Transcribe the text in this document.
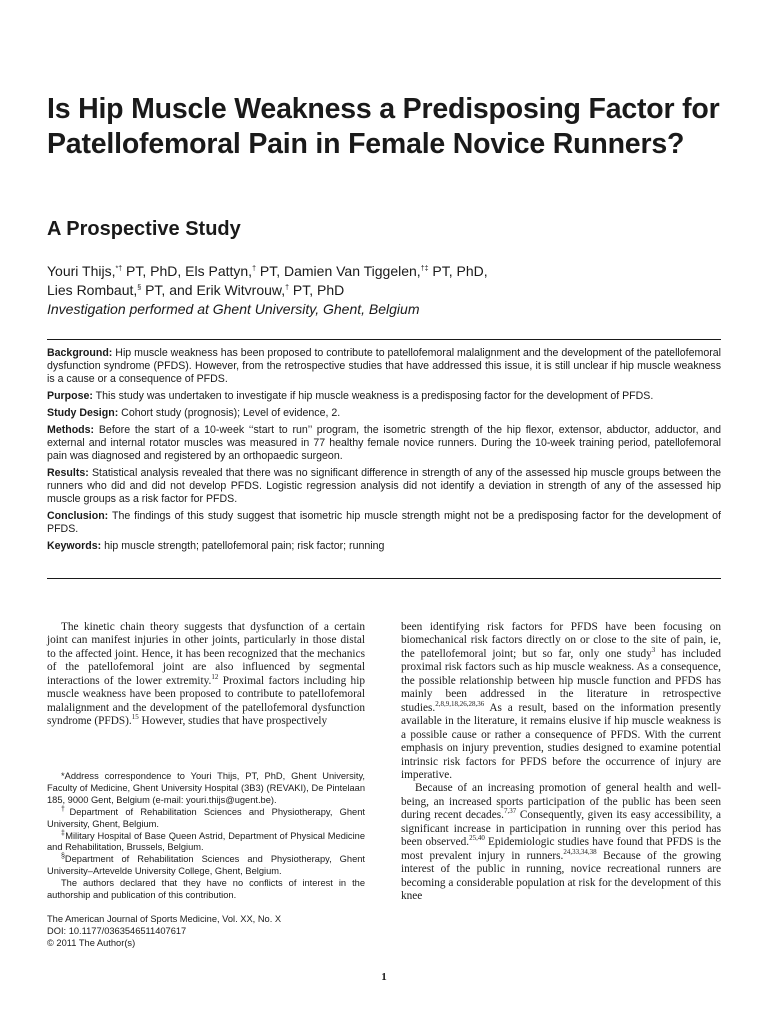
Is Hip Muscle Weakness a Predisposing Factor for Patellofemoral Pain in Female Novice Runners?
A Prospective Study
Youri Thijs,*† PT, PhD, Els Pattyn,† PT, Damien Van Tiggelen,†‡ PT, PhD,
Lies Rombaut,§ PT, and Erik Witvrouw,† PT, PhD
Investigation performed at Ghent University, Ghent, Belgium

Background: Hip muscle weakness has been proposed to contribute to patellofemoral malalignment and the development of the patellofemoral dysfunction syndrome (PFDS). However, from the retrospective studies that have addressed this issue, it is still unclear if hip muscle weakness is a cause or a consequence of PFDS.

Purpose: This study was undertaken to investigate if hip muscle weakness is a predisposing factor for the development of PFDS.

Study Design: Cohort study (prognosis); Level of evidence, 2.

Methods: Before the start of a 10-week ‘‘start to run’’ program, the isometric strength of the hip flexor, extensor, abductor, adductor, and external and internal rotator muscles was measured in 77 healthy female novice runners. During the 10-week training period, patellofemoral pain was diagnosed and registered by an orthopaedic surgeon.

Results: Statistical analysis revealed that there was no significant difference in strength of any of the assessed hip muscle groups between the runners who did and did not develop PFDS. Logistic regression analysis did not identify a deviation in strength of any of the assessed hip muscle groups as a risk factor for PFDS.

Conclusion: The findings of this study suggest that isometric hip muscle strength might not be a predisposing factor for the development of PFDS.

Keywords: hip muscle strength; patellofemoral pain; risk factor; running

The kinetic chain theory suggests that dysfunction of a certain joint can manifest injuries in other joints, particularly in those distal to the affected joint. Hence, it has been recognized that the mechanics of the patellofemoral joint are also influenced by segmental interactions of the lower extremity.$^{12}$ Proximal factors including hip muscle weakness have been proposed to contribute to patellofemoral malalignment and the development of the patellofemoral dysfunction syndrome (PFDS).$^{15}$ However, studies that have prospectively

*Address correspondence to Youri Thijs, PT, PhD, Ghent University, Faculty of Medicine, Ghent University Hospital (3B3) (REVAKI), De Pintelaan 185, 9000 Gent, Belgium (e-mail: youri.thijs@ugent.be).

†Department of Rehabilitation Sciences and Physiotherapy, Ghent University, Ghent, Belgium.

‡Military Hospital of Base Queen Astrid, Department of Physical Medicine and Rehabilitation, Brussels, Belgium.

§Department of Rehabilitation Sciences and Physiotherapy, Ghent University–Artevelde University College, Ghent, Belgium.

The authors declared that they have no conflicts of interest in the authorship and publication of this contribution.

The American Journal of Sports Medicine, Vol. XX, No. X
DOI: 10.1177/0363546511407617
© 2011 The Author(s)

been identifying risk factors for PFDS have been focusing on biomechanical risk factors directly on or close to the site of pain, ie, the patellofemoral joint; but so far, only one study$^3$ has included proximal risk factors such as hip muscle weakness. As a consequence, the possible relationship between hip muscle function and PFDS has mainly been addressed in the literature in retrospective studies.$^{2,8,9,18,26,28,36}$ As a result, based on the information presently available in the literature, it remains elusive if hip muscle weakness is a possible cause or rather a consequence of PFDS. With the current emphasis on injury prevention, studies designed to examine potential intrinsic risk factors for PFDS before the occurrence of injury are imperative.

Because of an increasing promotion of general health and well-being, an increased sports participation of the public has been seen during recent decades.$^{7,37}$ Consequently, given its easy accessibility, a significant increase in participation in running over this period has been observed.$^{25,40}$ Epidemiologic studies have found that PFDS is the most prevalent injury in runners.$^{24,33,34,38}$ Because of the growing interest of the public in running, novice recreational runners are becoming a considerable population at risk for the development of this knee

1
